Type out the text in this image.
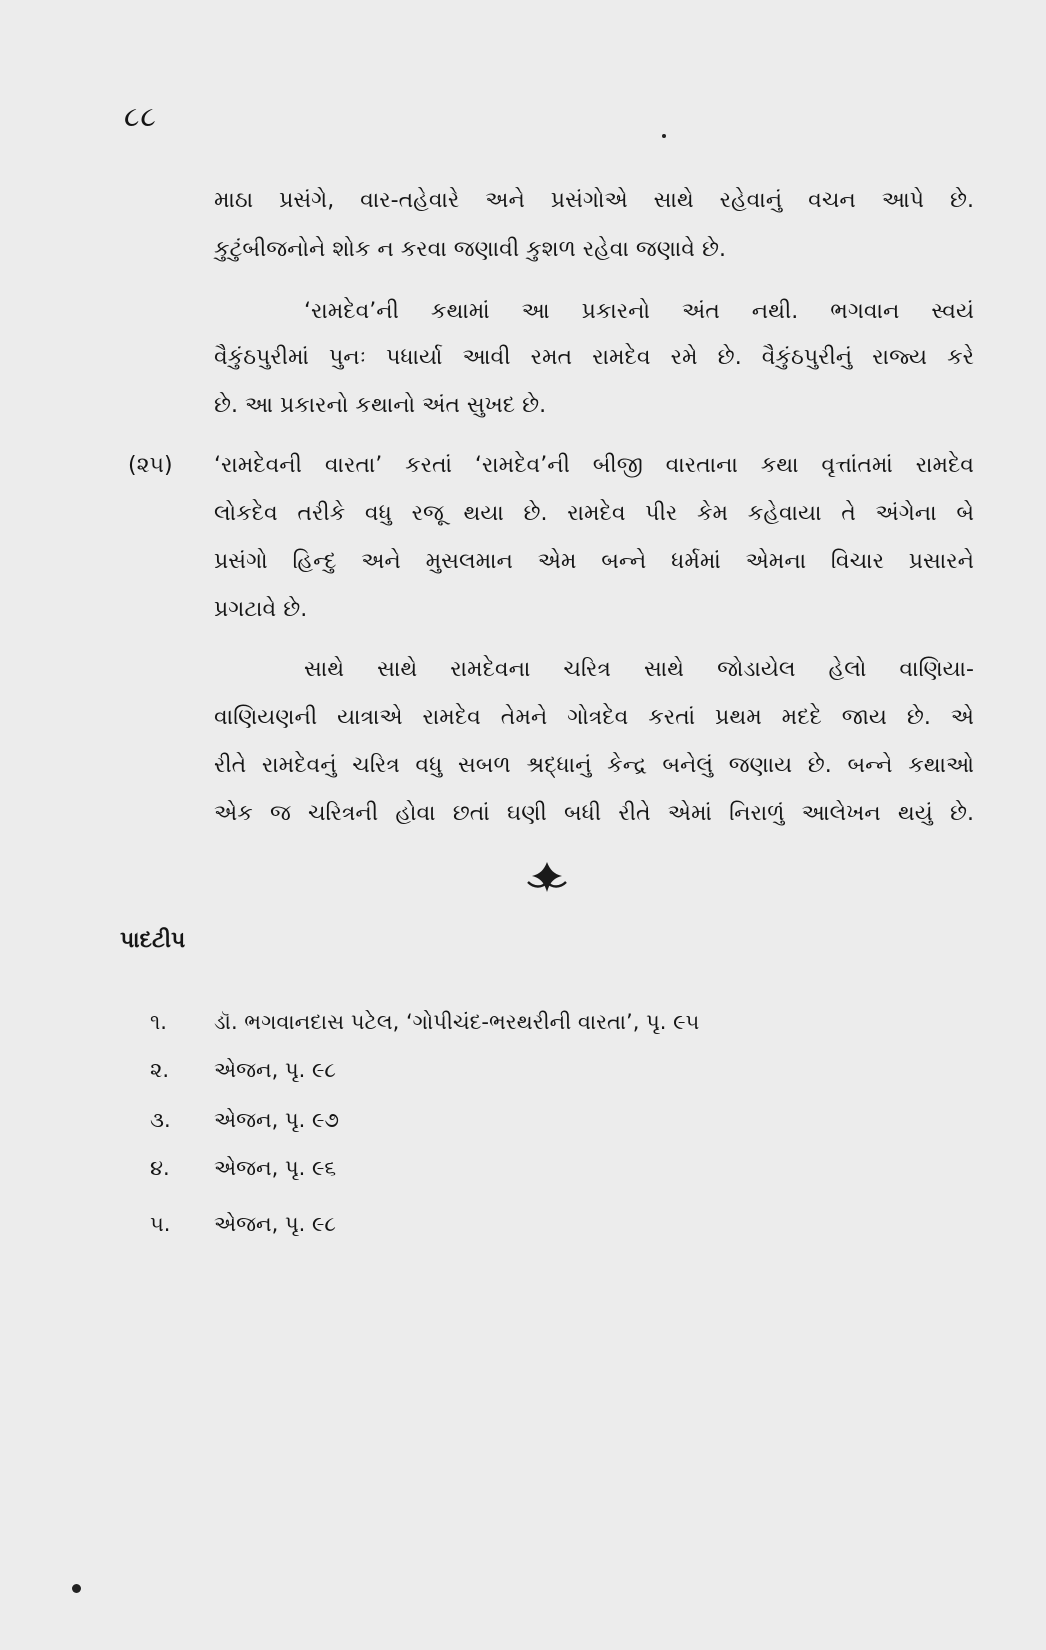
૮૮
માઠા પ્રસંગે, વાર-તહેવારે અને પ્રસંગોએ સાથે રહેવાનું વચન આપે છે.
કુટુંબીજનોને શોક ન કરવા જણાવી કુશળ રહેવા જણાવે છે.
‘રામદેવ’ની કથામાં આ પ્રકારનો અંત નથી. ભગવાન સ્વયં
વૈકુંઠપુરીમાં પુનઃ પધાર્યા આવી રમત રામદેવ રમે છે. વૈકુંઠપુરીનું રાજ્ય કરે
છે. આ પ્રકારનો કથાનો અંત સુખદ છે.
(૨૫) ‘રામદેવની વારતા’ કરતાં ‘રામદેવ’ની બીજી વારતાના કથા વૃત્તાંતમાં રામદેવ
લોકદેવ તરીકે વધુ રજૂ થયા છે. રામદેવ પીર કેમ કહેવાયા તે અંગેના બે
પ્રસંગો હિન્દુ અને મુસલમાન એમ બન્ને ધર્મમાં એમના વિચાર પ્રસારને
પ્રગટાવે છે.
સાથે સાથે રામદેવના ચરિત્ર સાથે જોડાયેલ હેલો વાણિયા-
વાણિયણની યાત્રાએ રામદેવ તેમને ગોત્રદેવ કરતાં પ્રથમ મદદે જાય છે. એ
રીતે રામદેવનું ચરિત્ર વધુ સબળ શ્રદ્ધાનું કેન્દ્ર બનેલું જણાય છે. બન્ને કથાઓ
એક જ ચરિત્રની હોવા છતાં ઘણી બધી રીતે એમાં નિરાળું આલેખન થયું છે.
પાદટીપ
૧. ડૉ. ભગવાનદાસ પટેલ, ‘ગોપીચંદ-ભરથરીની વારતા’, પૃ. ૯૫
૨. એજન, પૃ. ૯૮
૩. એજન, પૃ. ૯૭
૪. એજન, પૃ. ૯૬
૫. એજન, પૃ. ૯૮
